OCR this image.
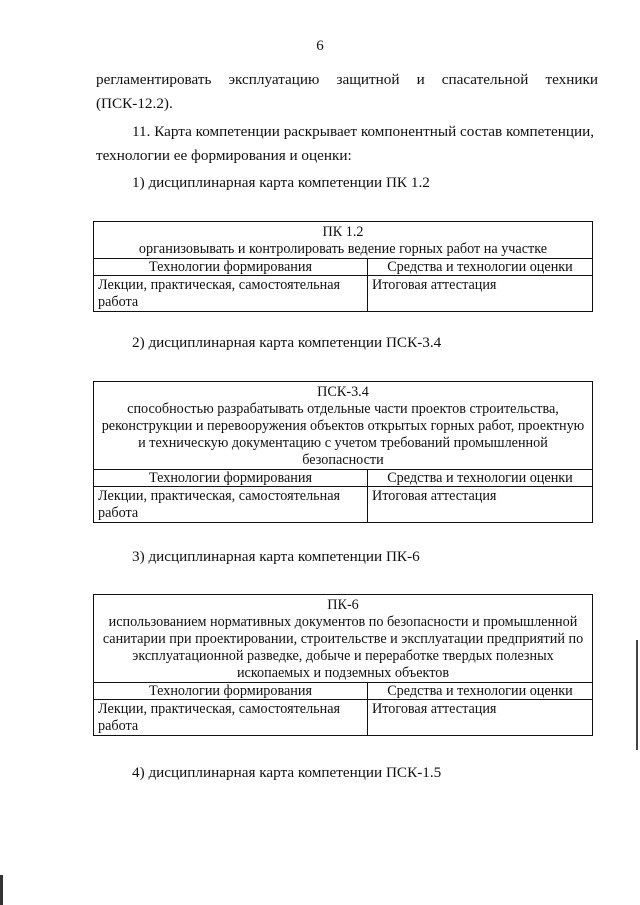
6

регламентировать эксплуатацию защитной и спасательной техники

(ПСК-12.2).

11. Карта компетенции раскрывает компонентный состав компетенции,

технологии ее формирования и оценки:

1) дисциплинарная карта компетенции ПК 1.2
ПК 1.2
организовывать и контролировать ведение горных работ на участке	

Технологии формирования	Средства и технологии оценки
Лекции, практическая, самостоятельная работа	Итоговая аттестация
2) дисциплинарная карта компетенции ПСК-3.4
ПСК-3.4
способностью разрабатывать отдельные части проектов строительства, реконструкции и перевооружения объектов открытых горных работ, проектную и техническую документацию с учетом требований промышленной безопасности	

Технологии формирования	Средства и технологии оценки
Лекции, практическая, самостоятельная работа	Итоговая аттестация
3) дисциплинарная карта компетенции ПК-6
ПК-6
использованием нормативных документов по безопасности и промышленной санитарии при проектировании, строительстве и эксплуатации предприятий по эксплуатационной разведке, добыче и переработке твердых полезных ископаемых и подземных объектов	

Технологии формирования	Средства и технологии оценки
Лекции, практическая, самостоятельная работа	Итоговая аттестация
4) дисциплинарная карта компетенции ПСК-1.5
